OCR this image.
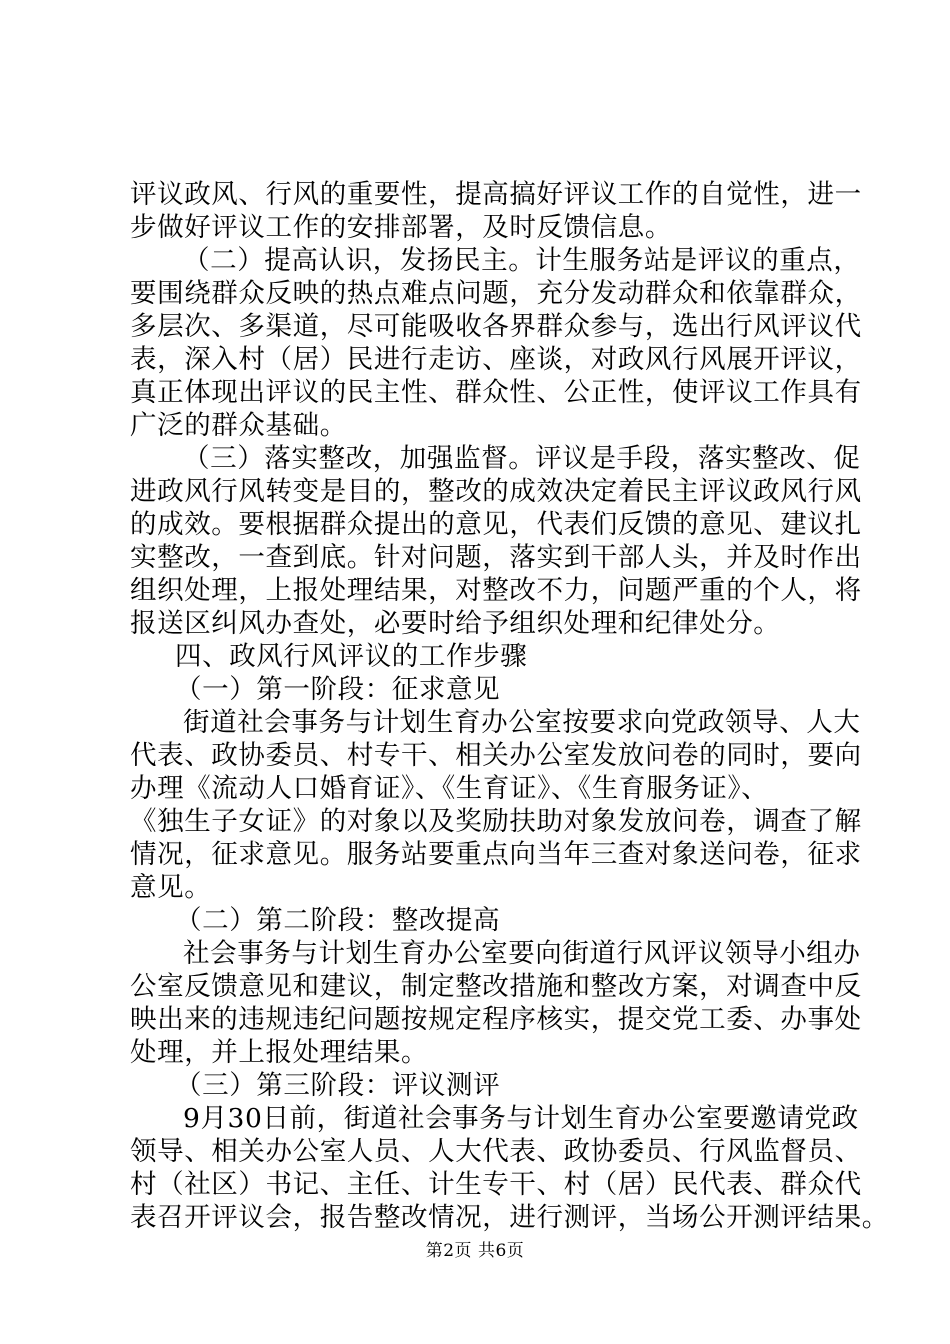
评议政风、行风的重要性，提高搞好评议工作的自觉性，进一
步做好评议工作的安排部署，及时反馈信息。
（二）提高认识，发扬民主。计生服务站是评议的重点，
要围绕群众反映的热点难点问题，充分发动群众和依靠群众，
多层次、多渠道，尽可能吸收各界群众参与，选出行风评议代
表，深入村（居）民进行走访、座谈，对政风行风展开评议，
真正体现出评议的民主性、群众性、公正性，使评议工作具有
广泛的群众基础。
（三）落实整改，加强监督。评议是手段，落实整改、促
进政风行风转变是目的，整改的成效决定着民主评议政风行风
的成效。要根据群众提出的意见，代表们反馈的意见、建议扎
实整改，一查到底。针对问题，落实到干部人头，并及时作出
组织处理，上报处理结果，对整改不力，问题严重的个人，将
报送区纠风办查处，必要时给予组织处理和纪律处分。
四、政风行风评议的工作步骤
（一）第一阶段：征求意见
街道社会事务与计划生育办公室按要求向党政领导、人大
代表、政协委员、村专干、相关办公室发放问卷的同时，要向
办理《流动人口婚育证》、《生育证》、《生育服务证》、
《独生子女证》的对象以及奖励扶助对象发放问卷，调查了解
情况，征求意见。服务站要重点向当年三查对象送问卷，征求
意见。
（二）第二阶段：整改提高
社会事务与计划生育办公室要向街道行风评议领导小组办
公室反馈意见和建议，制定整改措施和整改方案，对调查中反
映出来的违规违纪问题按规定程序核实，提交党工委、办事处
处理，并上报处理结果。
（三）第三阶段：评议测评
9月30日前，街道社会事务与计划生育办公室要邀请党政
领导、相关办公室人员、人大代表、政协委员、行风监督员、
村（社区）书记、主任、计生专干、村（居）民代表、群众代
表召开评议会，报告整改情况，进行测评，当场公开测评结果。
第2页 共6页
